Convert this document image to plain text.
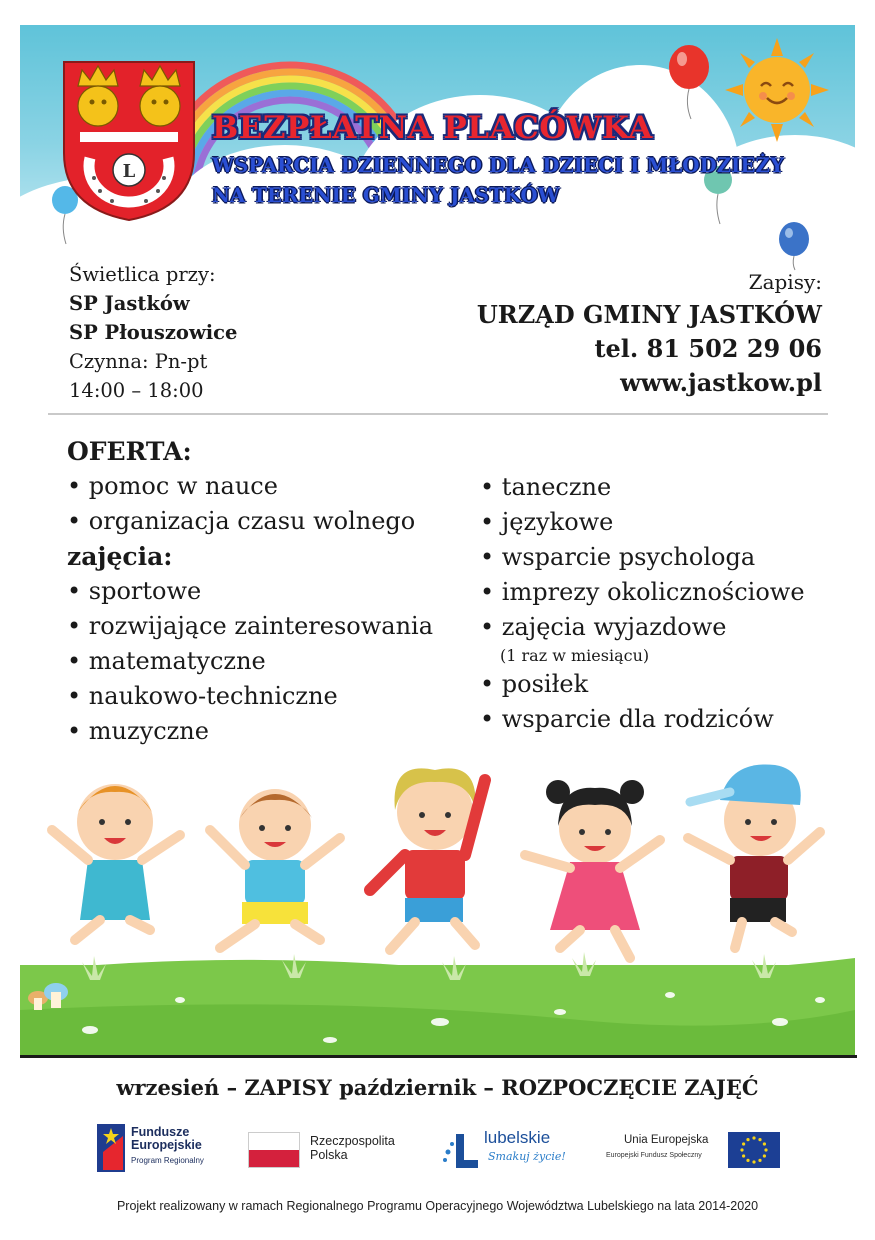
L
BEZPŁATNA PLACÓWKA
WSPARCIA DZIENNEGO DLA DZIECI I MŁODZIEŻY
NA TERENIE GMINY JASTKÓW
Świetlica przy:
SP Jastków
SP Płouszowice
Czynna: Pn-pt
14:00 – 18:00
Zapisy:
URZĄD GMINY JASTKÓW
tel. 81 502 29 06
www.jastkow.pl
OFERTA:
• pomoc w nauce
• organizacja czasu wolnego
zajęcia:
• sportowe
• rozwijające zainteresowania
• matematyczne
• naukowo-techniczne
• muzyczne
• taneczne
• językowe
• wsparcie psychologa
• imprezy okolicznościowe
• zajęcia wyjazdowe
(1 raz w miesiącu)
• posiłek
• wsparcie dla rodziców
wrzesień – ZAPISY październik – ROZPOCZĘCIE ZAJĘĆ
Fundusze
Europejskie
Program Regionalny
Rzeczpospolita
Polska
lubelskie
Smakuj życie!
Unia Europejska
Europejski Fundusz Społeczny
Projekt realizowany w ramach Regionalnego Programu Operacyjnego Województwa Lubelskiego na lata 2014-2020
